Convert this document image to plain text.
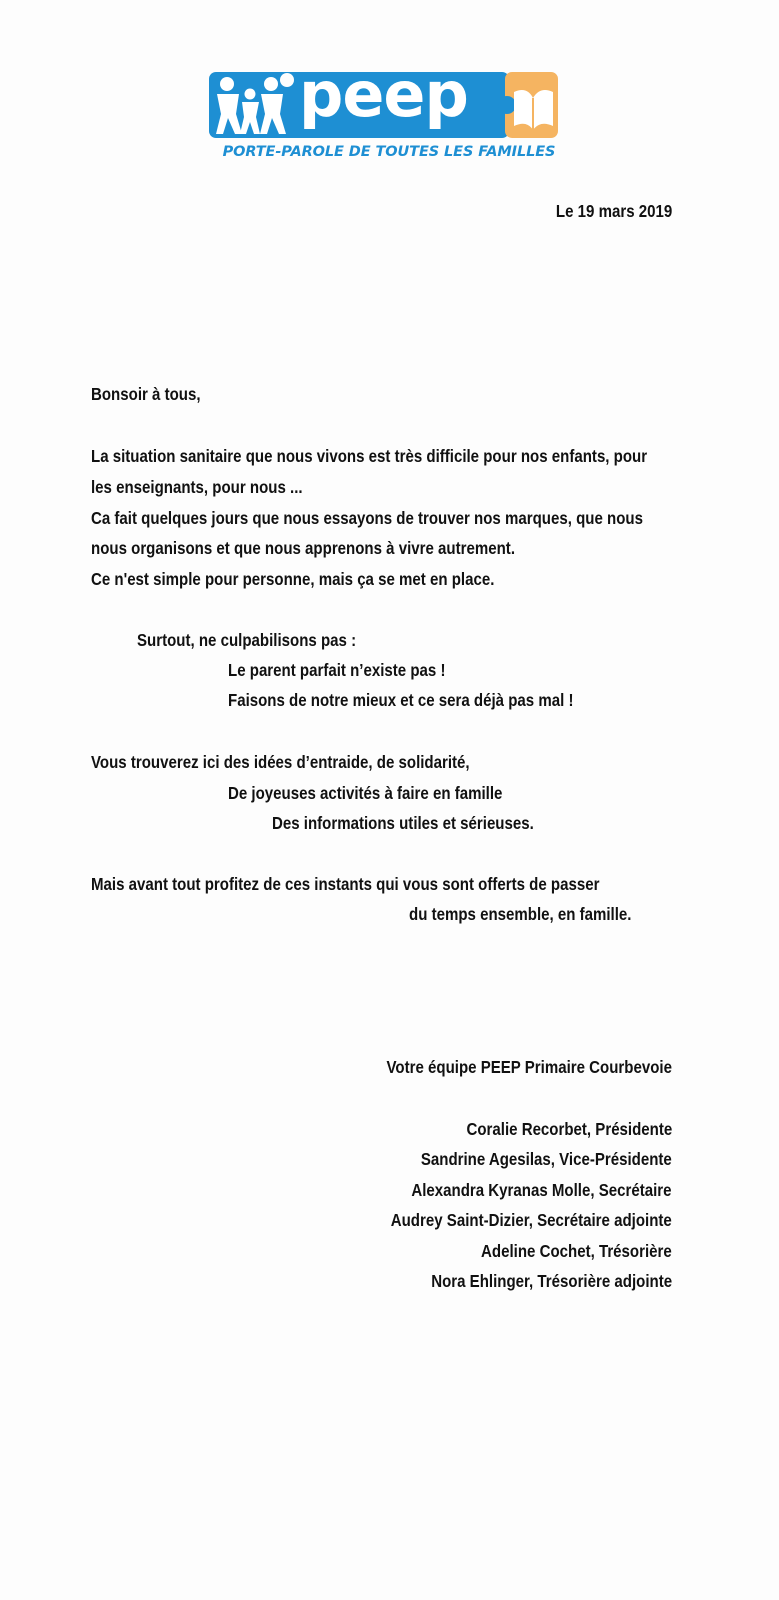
peep
PORTE-PAROLE DE TOUTES LES FAMILLES
Le 19 mars 2019
Bonsoir à tous,
La situation sanitaire que nous vivons est très difficile pour nos enfants, pour
les enseignants, pour nous ...
Ca fait quelques jours que nous essayons de trouver nos marques, que nous
nous organisons et que nous apprenons à vivre autrement.
Ce n'est simple pour personne, mais ça se met en place.
Surtout, ne culpabilisons pas :
Le parent parfait n’existe pas !
Faisons de notre mieux et ce sera déjà pas mal !
Vous trouverez ici des idées d’entraide, de solidarité,
De joyeuses activités à faire en famille
Des informations utiles et sérieuses.
Mais avant tout profitez de ces instants qui vous sont offerts de passer
du temps ensemble, en famille.
Votre équipe PEEP Primaire Courbevoie
Coralie Recorbet, Présidente
Sandrine Agesilas, Vice-Présidente
Alexandra Kyranas Molle, Secrétaire
Audrey Saint-Dizier, Secrétaire adjointe
Adeline Cochet, Trésorière
Nora Ehlinger, Trésorière adjointe
